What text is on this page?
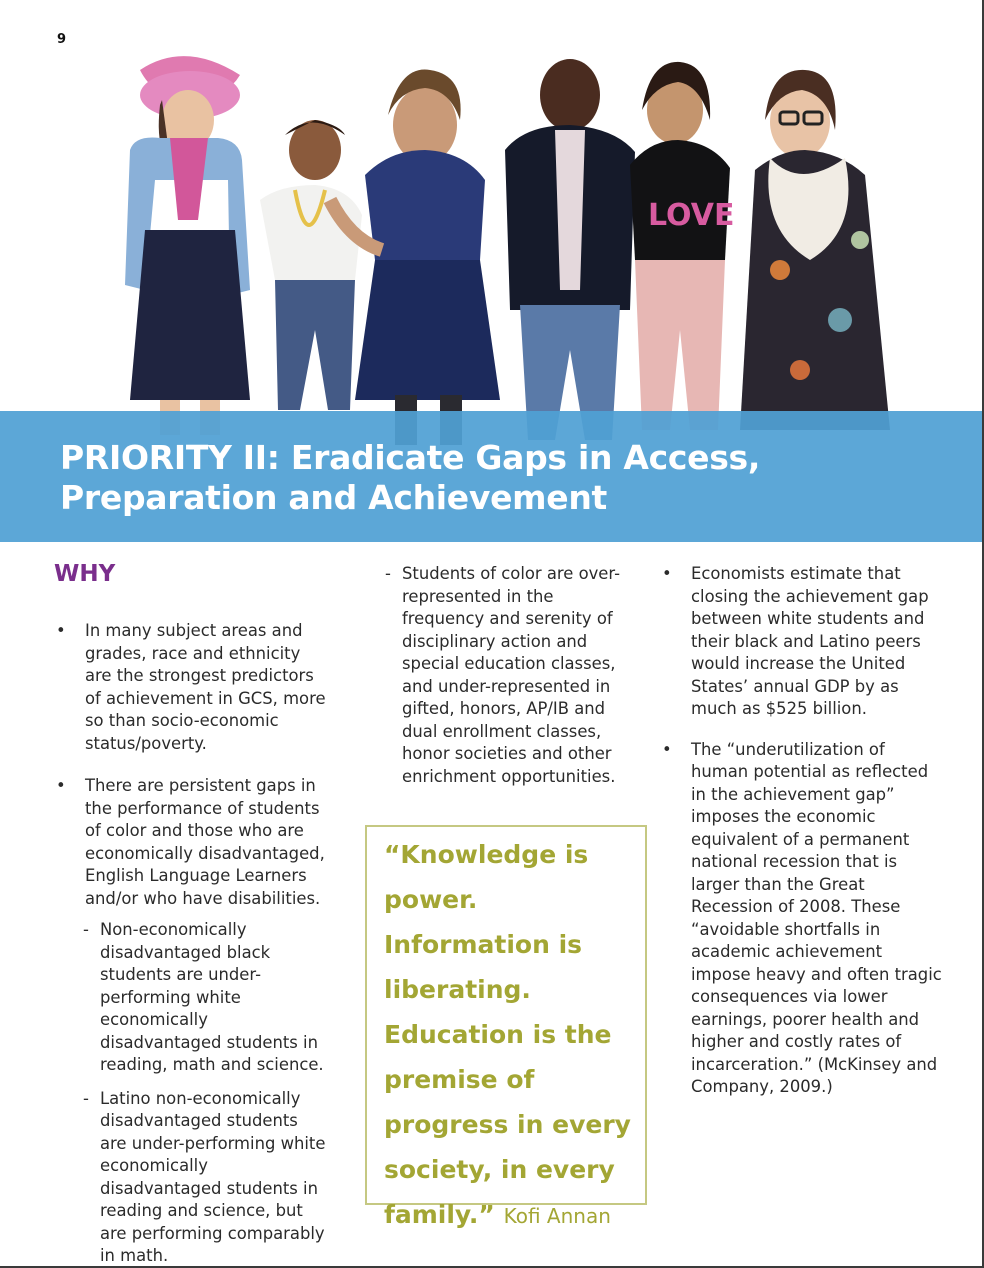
9
LOVE
PRIORITY II: Eradicate Gaps in Access,
Preparation and Achievement
WHY
• In many subject areas and grades, race and ethnicity are the strongest predictors of achievement in GCS, more so than socio-economic status/poverty.
• There are persistent gaps in the performance of students of color and those who are economically disadvantaged, English Language Learners and/or who have disabilities.
- Non-economically disadvantaged black students are under-performing white economically disadvantaged students in reading, math and science.
- Latino non-economically disadvantaged students are under-performing white economically disadvantaged students in reading and science, but are performing comparably in math.
- Students of color are over-represented in the frequency and serenity of disciplinary action and special education classes, and under-represented in gifted, honors, AP/IB and dual enrollment classes, honor societies and other enrichment opportunities.
“Knowledge is power. Information is liberating. Education is the premise of progress in every society, in every family.” Kofi Annan
• Economists estimate that closing the achievement gap between white students and their black and Latino peers would increase the United States’ annual GDP by as much as $525 billion.
• The “underutilization of human potential as reflected in the achievement gap” imposes the economic equivalent of a permanent national recession that is larger than the Great Recession of 2008. These “avoidable shortfalls in academic achievement impose heavy and often tragic consequences via lower earnings, poorer health and higher and costly rates of incarceration.” (McKinsey and Company, 2009.)
